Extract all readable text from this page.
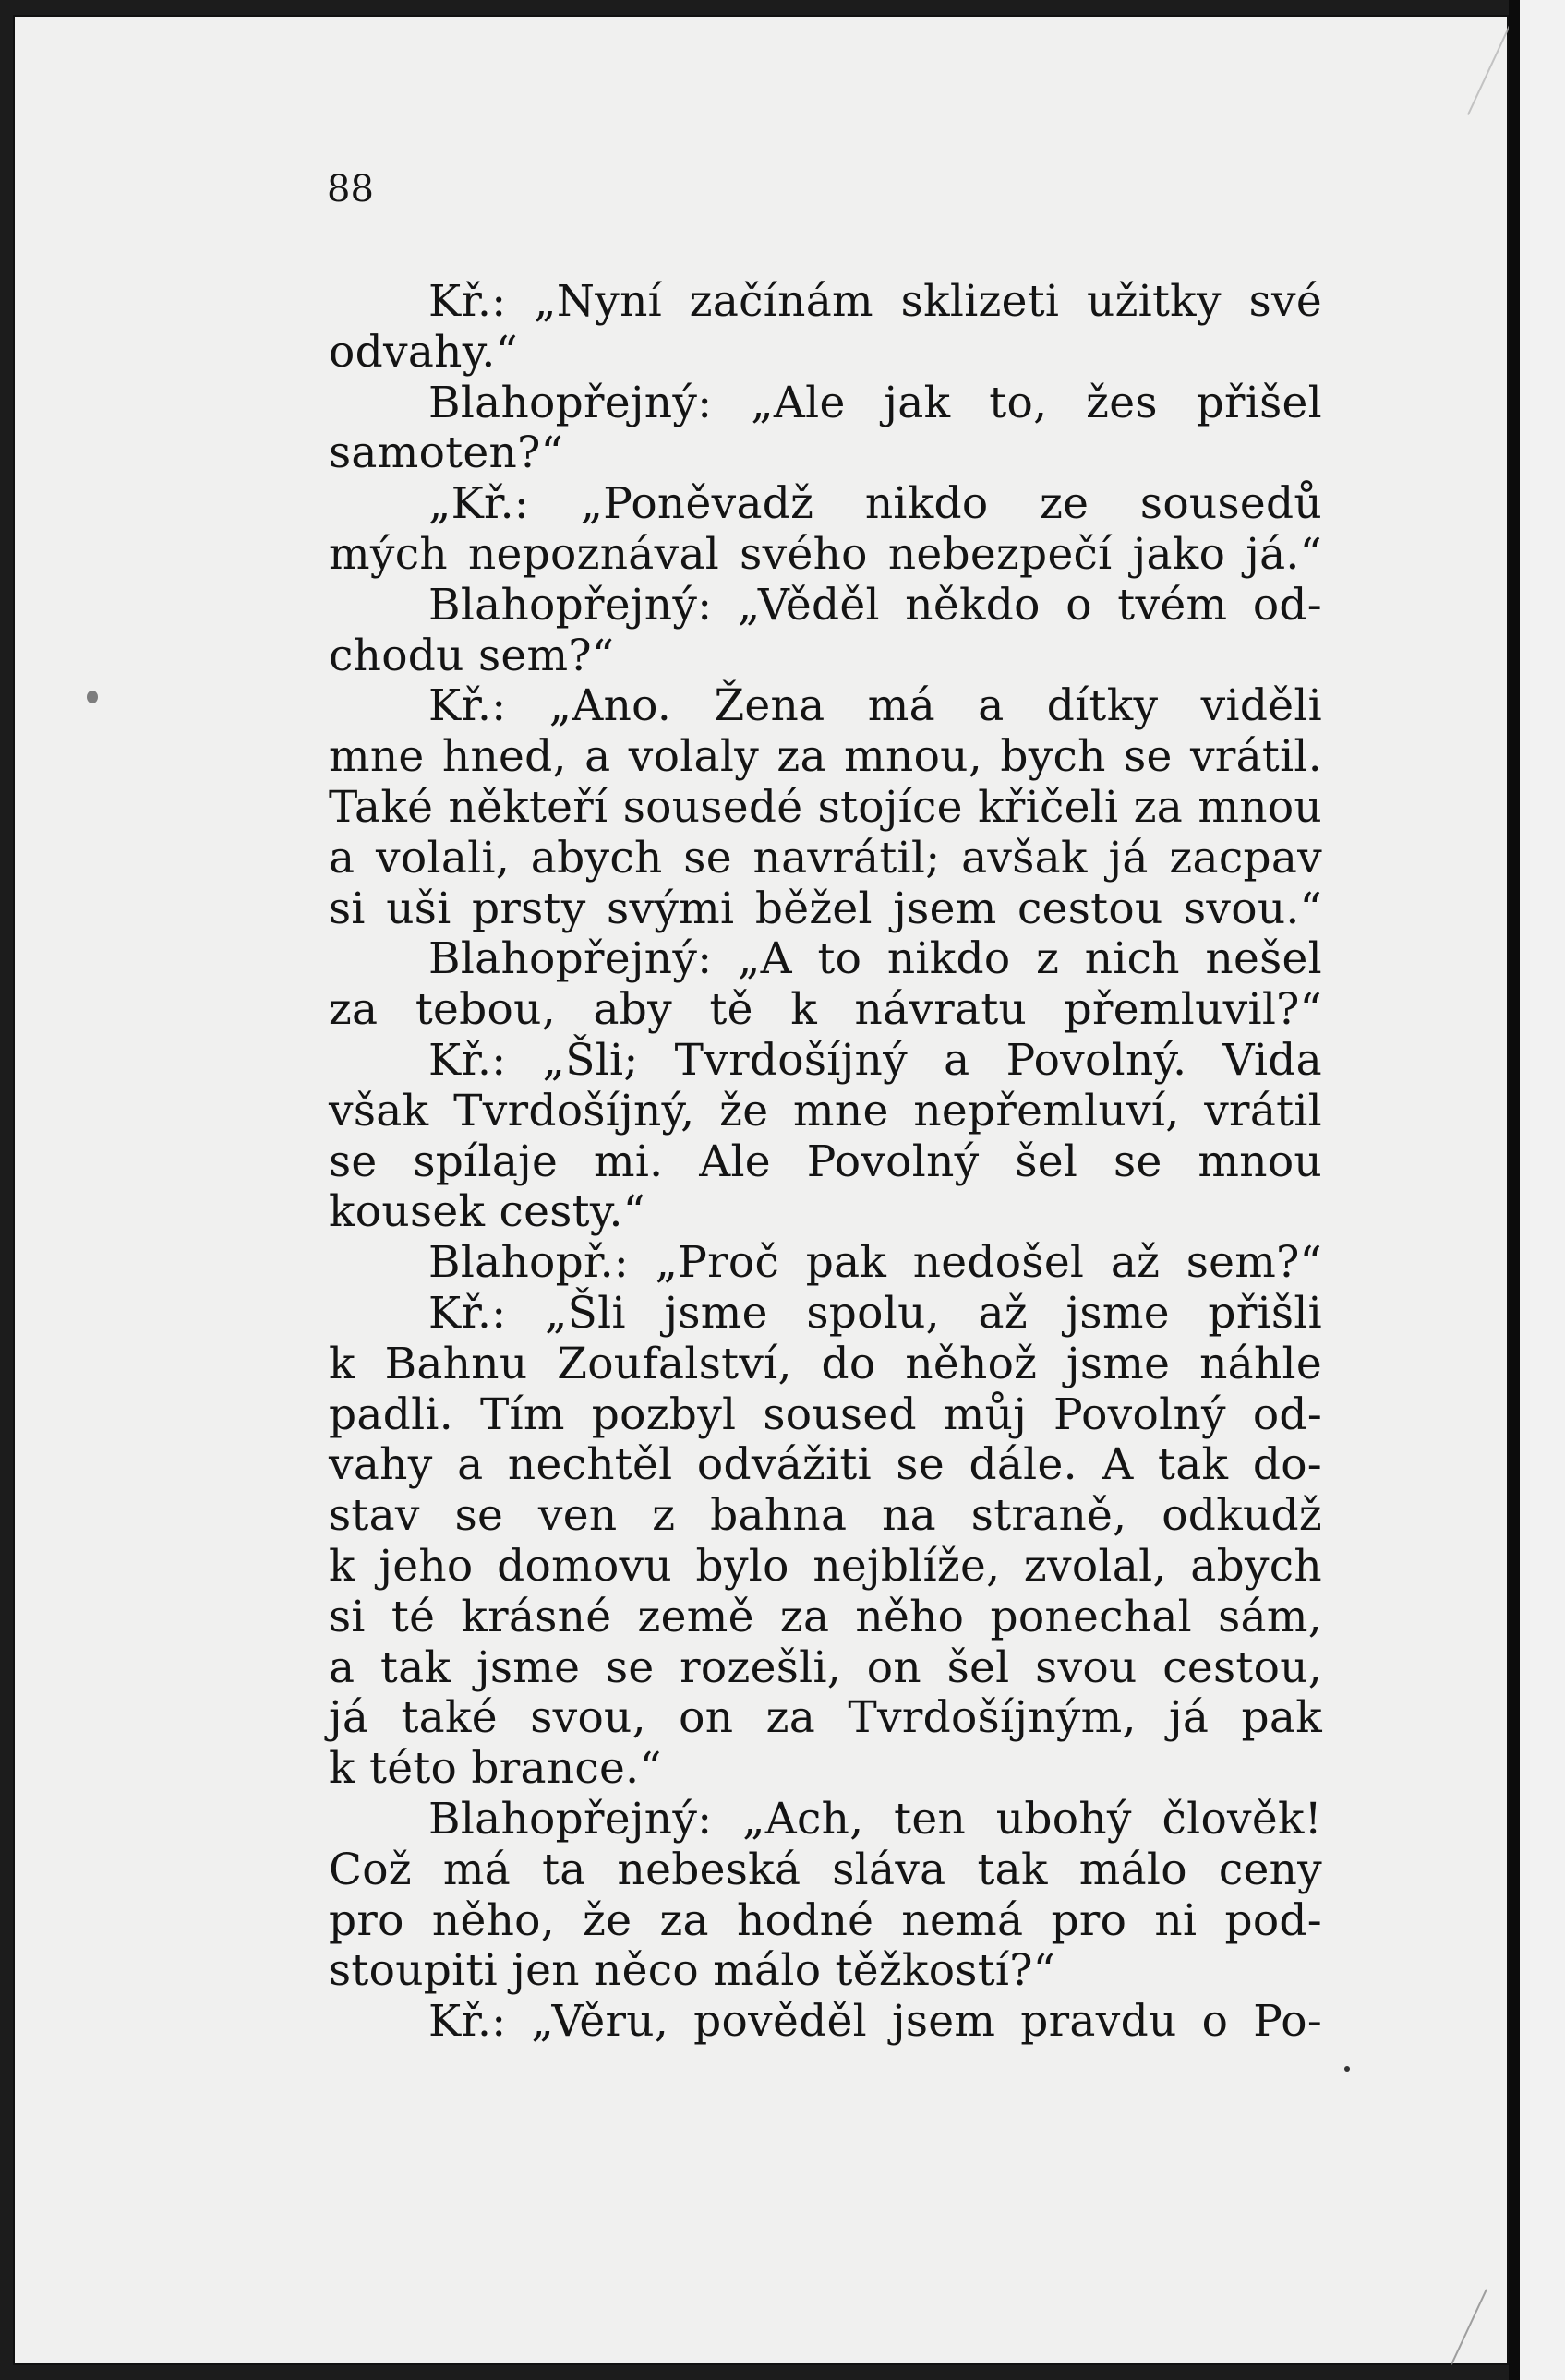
88
Kř.: „Nyní začínám sklizeti užitky své
odvahy.“
Blahopřejný: „Ale jak to, žes přišel
samoten?“
„Kř.: „Poněvadž nikdo ze sousedů
mých nepoznával svého nebezpečí jako já.“
Blahopřejný: „Věděl někdo o tvém od-
chodu sem?“
Kř.: „Ano. Žena má a dítky viděli
mne hned, a volaly za mnou, bych se vrátil.
Také někteří sousedé stojíce křičeli za mnou
a volali, abych se navrátil; avšak já zacpav
si uši prsty svými běžel jsem cestou svou.“
Blahopřejný: „A to nikdo z nich nešel
za tebou, aby tě k návratu přemluvil?“
Kř.: „Šli; Tvrdošíjný a Povolný. Vida
však Tvrdošíjný, že mne nepřemluví, vrátil
se spílaje mi. Ale Povolný šel se mnou
kousek cesty.“
Blahopř.: „Proč pak nedošel až sem?“
Kř.: „Šli jsme spolu, až jsme přišli
k Bahnu Zoufalství, do něhož jsme náhle
padli. Tím pozbyl soused můj Povolný od-
vahy a nechtěl odvážiti se dále. A tak do-
stav se ven z bahna na straně, odkudž
k jeho domovu bylo nejblíže, zvolal, abych
si té krásné země za něho ponechal sám,
a tak jsme se rozešli, on šel svou cestou,
já také svou, on za Tvrdošíjným, já pak
k této brance.“
Blahopřejný: „Ach, ten ubohý člověk!
Což má ta nebeská sláva tak málo ceny
pro něho, že za hodné nemá pro ni pod-
stoupiti jen něco málo těžkostí?“
Kř.: „Věru, pověděl jsem pravdu o Po-
